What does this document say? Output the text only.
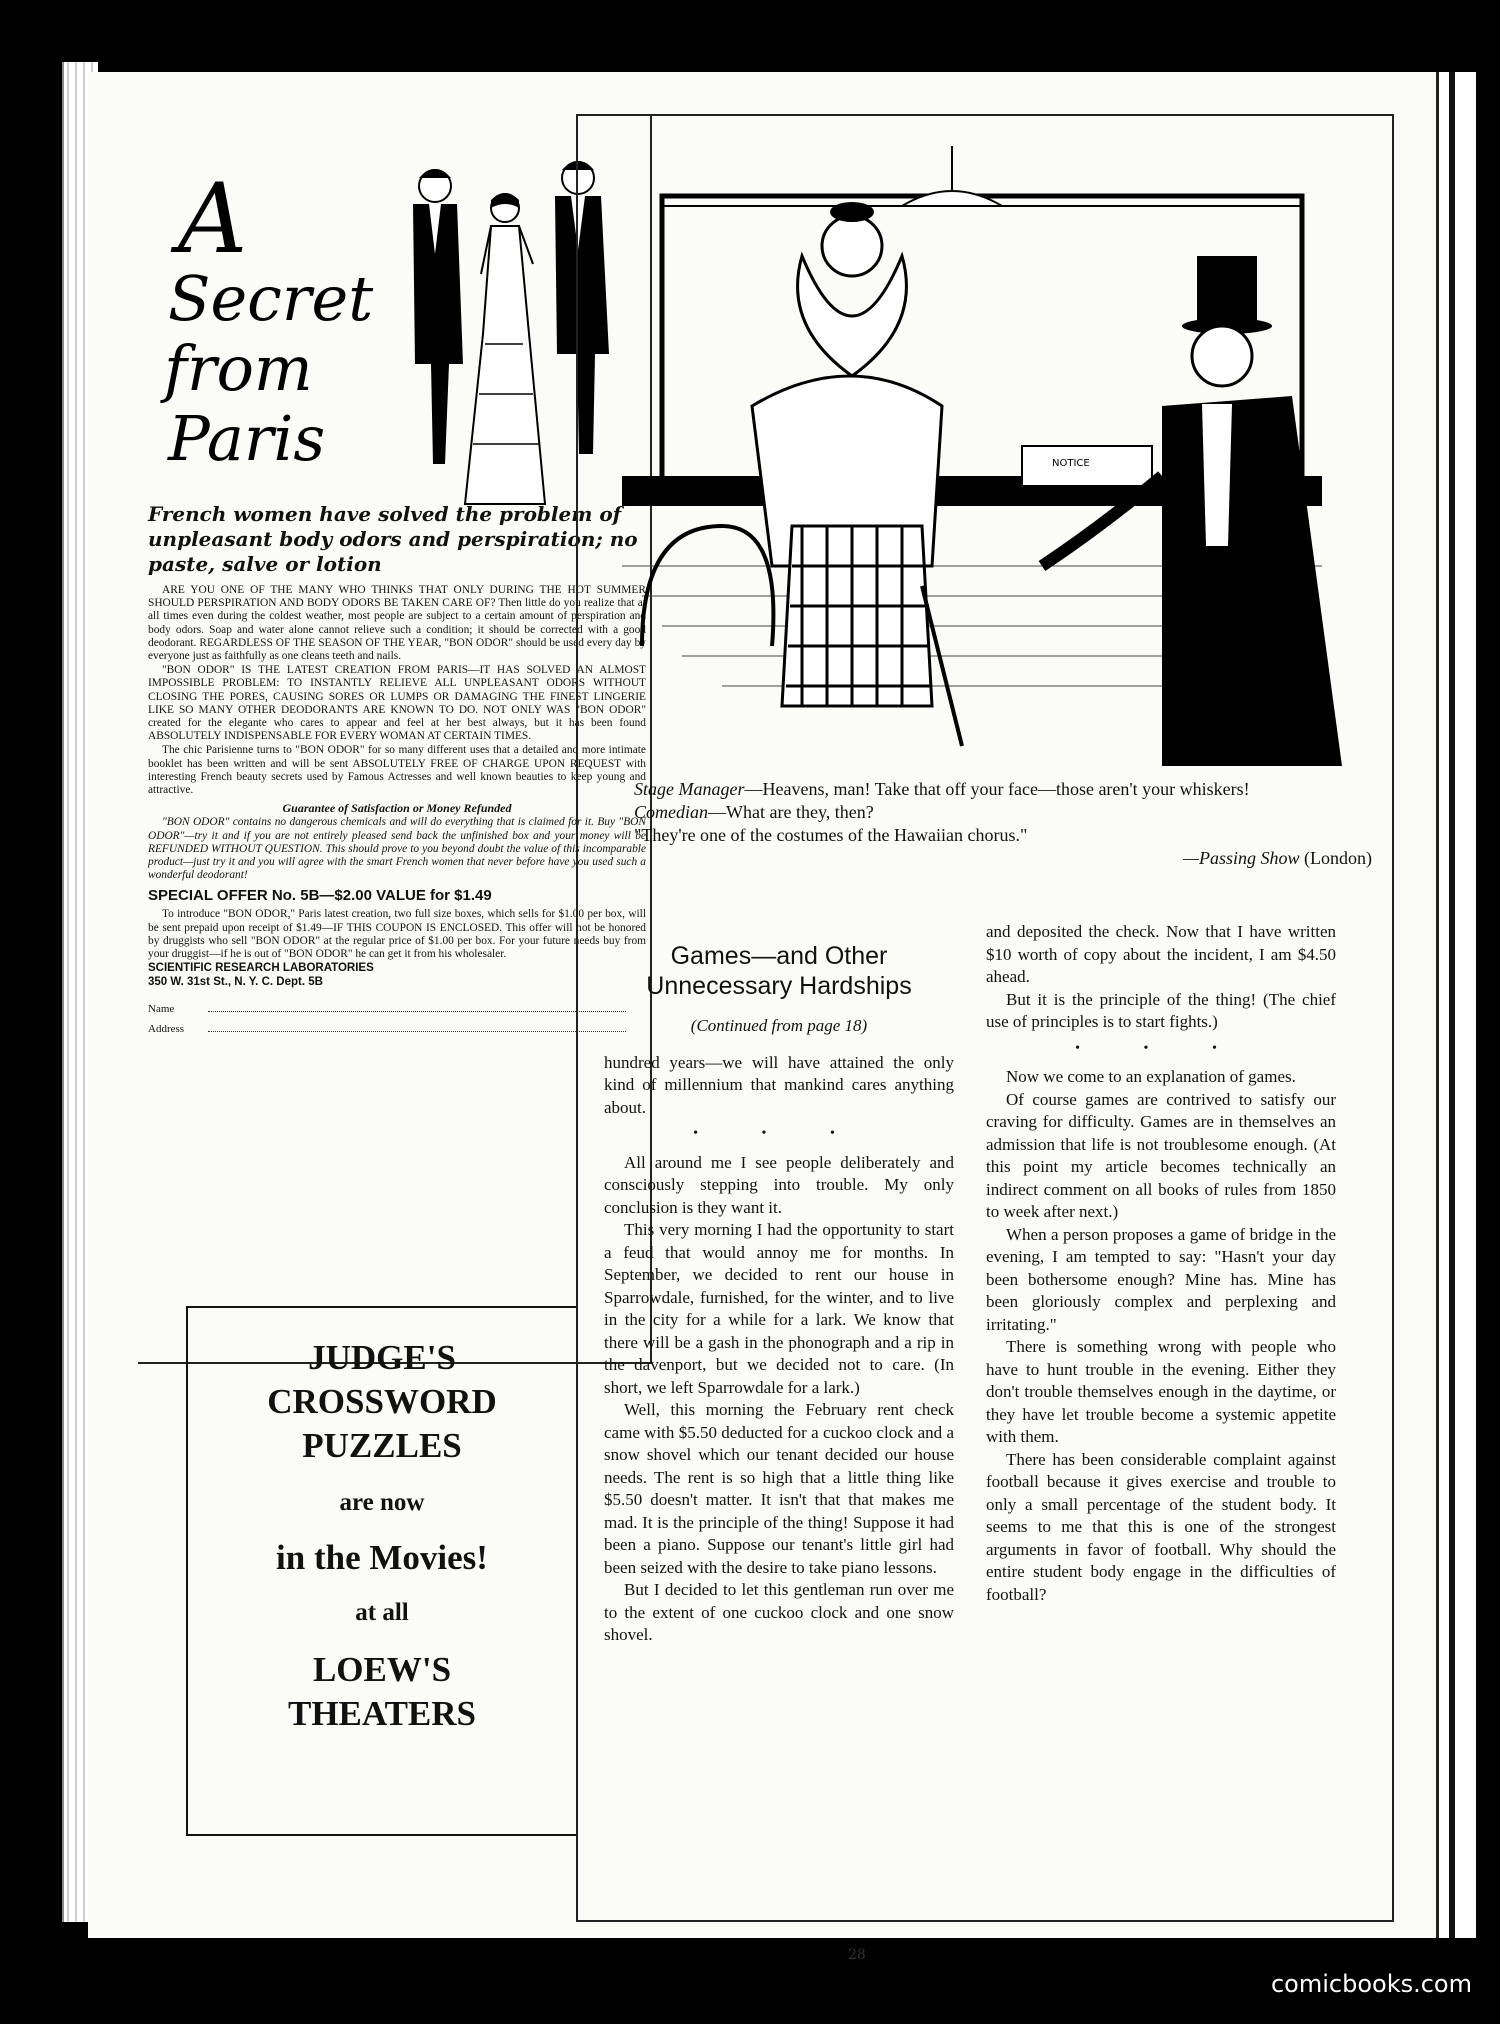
A
Secret
from
Paris
French women have solved the problem of unpleasant body odors and perspiration; no paste, salve or lotion

ARE YOU ONE OF THE MANY WHO THINKS THAT ONLY DURING THE HOT SUMMER SHOULD PERSPIRATION AND BODY ODORS BE TAKEN CARE OF? Then little do you realize that at all times even during the coldest weather, most people are subject to a certain amount of perspiration and body odors. Soap and water alone cannot relieve such a condition; it should be corrected with a good deodorant. REGARDLESS OF THE SEASON OF THE YEAR, "BON ODOR" should be used every day by everyone just as faithfully as one cleans teeth and nails.

"BON ODOR" IS THE LATEST CREATION FROM PARIS—IT HAS SOLVED AN ALMOST IMPOSSIBLE PROBLEM: TO INSTANTLY RELIEVE ALL UNPLEASANT ODORS WITHOUT CLOSING THE PORES, CAUSING SORES OR LUMPS OR DAMAGING THE FINEST LINGERIE LIKE SO MANY OTHER DEODORANTS ARE KNOWN TO DO. NOT ONLY WAS "BON ODOR" created for the elegante who cares to appear and feel at her best always, but it has been found ABSOLUTELY INDISPENSABLE FOR EVERY WOMAN AT CERTAIN TIMES.

The chic Parisienne turns to "BON ODOR" for so many different uses that a detailed and more intimate booklet has been written and will be sent ABSOLUTELY FREE OF CHARGE UPON REQUEST with interesting French beauty secrets used by Famous Actresses and well known beauties to keep young and attractive.

Guarantee of Satisfaction or Money Refunded

"BON ODOR" contains no dangerous chemicals and will do everything that is claimed for it. Buy "BON ODOR"—try it and if you are not entirely pleased send back the unfinished box and your money will be REFUNDED WITHOUT QUESTION. This should prove to you beyond doubt the value of this incomparable product—just try it and you will agree with the smart French women that never before have you used such a wonderful deodorant!

SPECIAL OFFER No. 5B—$2.00 VALUE for $1.49

To introduce "BON ODOR," Paris latest creation, two full size boxes, which sells for $1.00 per box, will be sent prepaid upon receipt of $1.49—IF THIS COUPON IS ENCLOSED. This offer will not be honored by druggists who sell "BON ODOR" at the regular price of $1.00 per box. For your future needs buy from your druggist—if he is out of "BON ODOR" he can get it from his wholesaler.

SCIENTIFIC RESEARCH LABORATORIES

350 W. 31st St., N. Y. C. Dept. 5B

Name
Address
JUDGE'S
CROSSWORD
PUZZLES
are now
in the Movies!
at all
LOEW'S
THEATERS
NOTICE

Stage Manager—Heavens, man! Take that off your face—those aren't your whiskers!

Comedian—What are they, then?

"They're one of the costumes of the Hawaiian chorus."

—Passing Show (London)

Games—and Other Unnecessary Hardships
(Continued from page 18)

hundred years—we will have attained the only kind of millennium that mankind cares anything about.

• • •

All around me I see people deliberately and consciously stepping into trouble. My only conclusion is they want it.

This very morning I had the opportunity to start a feud that would annoy me for months. In September, we decided to rent our house in Sparrowdale, furnished, for the winter, and to live in the city for a while for a lark. We know that there will be a gash in the phonograph and a rip in the davenport, but we decided not to care. (In short, we left Sparrowdale for a lark.)

Well, this morning the February rent check came with $5.50 deducted for a cuckoo clock and a snow shovel which our tenant decided our house needs. The rent is so high that a little thing like $5.50 doesn't matter. It isn't that that makes me mad. It is the principle of the thing! Suppose it had been a piano. Suppose our tenant's little girl had been seized with the desire to take piano lessons.

But I decided to let this gentleman run over me to the extent of one cuckoo clock and one snow shovel.

and deposited the check. Now that I have written $10 worth of copy about the incident, I am $4.50 ahead.

But it is the principle of the thing! (The chief use of principles is to start fights.)

• • •

Now we come to an explanation of games.

Of course games are contrived to satisfy our craving for difficulty. Games are in themselves an admission that life is not troublesome enough. (At this point my article becomes technically an indirect comment on all books of rules from 1850 to week after next.)

When a person proposes a game of bridge in the evening, I am tempted to say: "Hasn't your day been bothersome enough? Mine has. Mine has been gloriously complex and perplexing and irritating."

There is something wrong with people who have to hunt trouble in the evening. Either they don't trouble themselves enough in the daytime, or they have let trouble become a systemic appetite with them.

There has been considerable complaint against football because it gives exercise and trouble to only a small percentage of the student body. It seems to me that this is one of the strongest arguments in favor of football. Why should the entire student body engage in the difficulties of football?

28
comicbooks.com
